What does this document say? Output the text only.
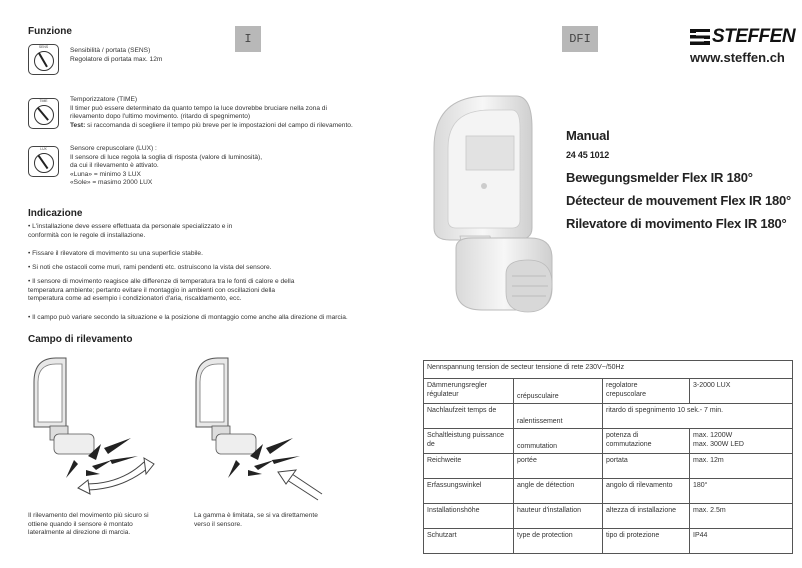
Funzione
SENS	Sensibilità / portata (SENS)
Regolatore di portata max. 12m
TIME	Temporizzatore (TIME)
Il timer può essere determinato da quanto tempo la luce dovrebbe bruciare nella zona di
rilevamento dopo l'ultimo movimento. (ritardo di spegnimento)
Test: si raccomanda di scegliere il tempo più breve per le impostazioni del campo di rilevamento.
LUX	Sensore crepuscolare (LUX) :
Il sensore di luce regola la soglia di risposta (valore di luminosità),
da cui il rilevamento è attivato.
«Luna» = minimo 3 LUX
«Sole» = masimo 2000 LUX
Indicazione
• L'installazione deve essere effettuata da personale specializzato e in
conformità con le regole di installazione.
• Fissare il rilevatore di movimento su una superficie stabile.
• Si noti che ostacoli come muri, rami pendenti etc. ostruiscono la vista del sensore.
• Il sensore di movimento reagisce alle differenze di temperatura tra le fonti di calore e della
temperatura ambiente; pertanto evitare il montaggio in ambienti con oscillazioni della
temperatura come ad esempio i condizionatori d'aria, riscaldamento, ecc.
• Il campo può variare secondo la situazione e la posizione di montaggio come anche alla direzione di marcia.
Campo di rilevamento
Il rilevamento del movimento più sicuro si
ottiene quando il sensore è montato
lateralmente al direzione di marcia.
La gamma è limitata, se si va direttamente
verso il sensore.
I	DFI	STEFFEN
www.steffen.ch
Manual
24 45 1012
Bewegungsmelder Flex IR 180°
Détecteur de mouvement Flex IR 180°
Rilevatore di movimento Flex IR 180°
Nennspannung tension de secteur tensione di rete 230V~/50Hz			
Dämmerungsregler régulateur	crépusculaire	regolatore
crepuscolare	3-2000 LUX
Nachlaufzeit temps de	ralentissement	ritardo di spegnimento 10 sek.- 7 min.	
Schaltleistung puissance de	commutation	potenza di
commutazione	max. 1200W
max. 300W LED
Reichweite	portée	portata	max. 12m
Erfassungswinkel	angle de détection	angolo di rilevamento	180°
Installationshöhe	hauteur d'installation	altezza di installazione	max. 2.5m
Schutzart	type de protection	tipo di protezione	IP44
